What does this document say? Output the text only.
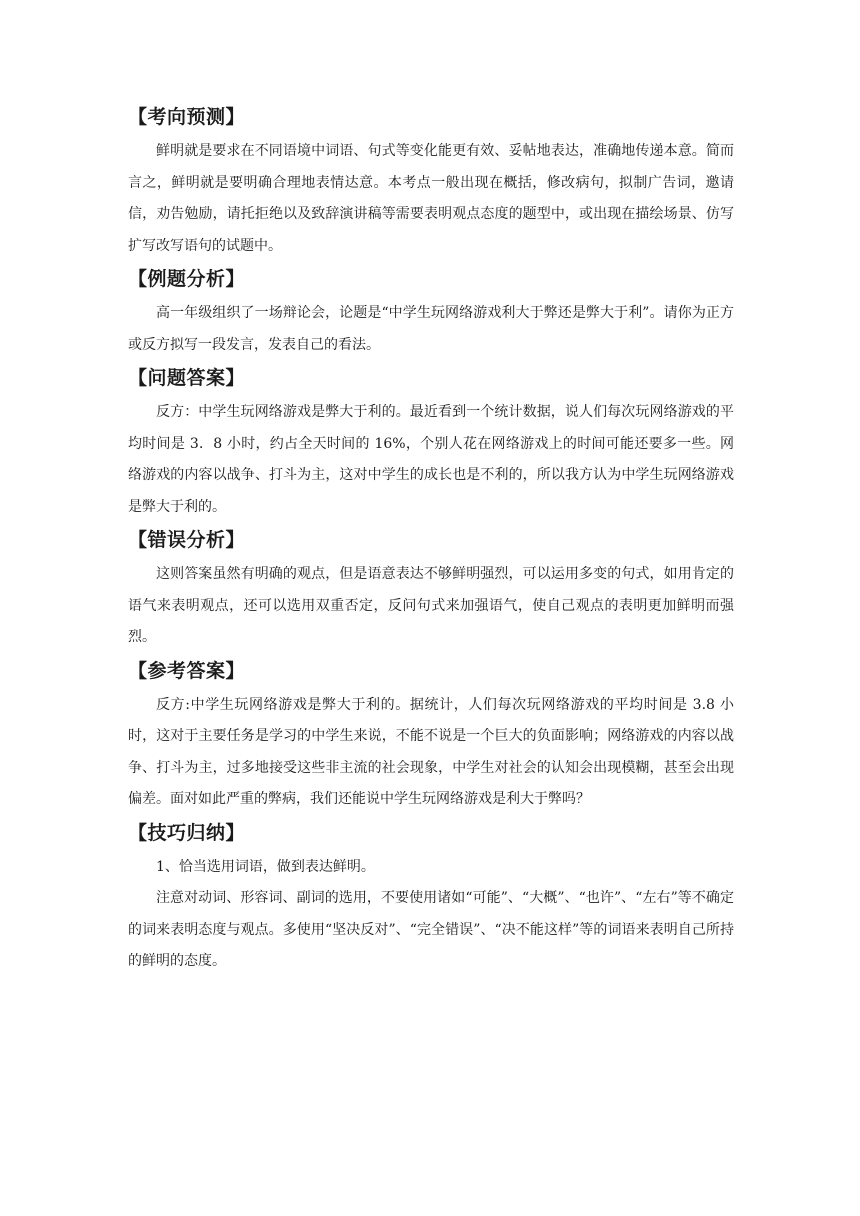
【考向预测】

鲜明就是要求在不同语境中词语、句式等变化能更有效、妥帖地表达，准确地传递本意。简而言之，鲜明就是要明确合理地表情达意。本考点一般出现在概括，修改病句，拟制广告词，邀请信，劝告勉励，请托拒绝以及致辞演讲稿等需要表明观点态度的题型中，或出现在描绘场景、仿写扩写改写语句的试题中。

【例题分析】

高一年级组织了一场辩论会，论题是“中学生玩网络游戏利大于弊还是弊大于利”。请你为正方或反方拟写一段发言，发表自己的看法。

【问题答案】

反方：中学生玩网络游戏是弊大于利的。最近看到一个统计数据，说人们每次玩网络游戏的平均时间是 3．8 小时，约占全天时间的 16%，个别人花在网络游戏上的时间可能还要多一些。网络游戏的内容以战争、打斗为主，这对中学生的成长也是不利的，所以我方认为中学生玩网络游戏是弊大于利的。

【错误分析】

这则答案虽然有明确的观点，但是语意表达不够鲜明强烈，可以运用多变的句式，如用肯定的语气来表明观点，还可以选用双重否定，反问句式来加强语气，使自己观点的表明更加鲜明而强烈。

【参考答案】

反方:中学生玩网络游戏是弊大于利的。据统计，人们每次玩网络游戏的平均时间是 3.8 小时，这对于主要任务是学习的中学生来说，不能不说是一个巨大的负面影响；网络游戏的内容以战争、打斗为主，过多地接受这些非主流的社会现象，中学生对社会的认知会出现模糊，甚至会出现偏差。面对如此严重的弊病，我们还能说中学生玩网络游戏是利大于弊吗？

【技巧归纳】

1、恰当选用词语，做到表达鲜明。

注意对动词、形容词、副词的选用，不要使用诸如“可能”、“大概”、“也许”、“左右”等不确定的词来表明态度与观点。多使用“坚决反对”、“完全错误”、“决不能这样”等的词语来表明自己所持的鲜明的态度。
